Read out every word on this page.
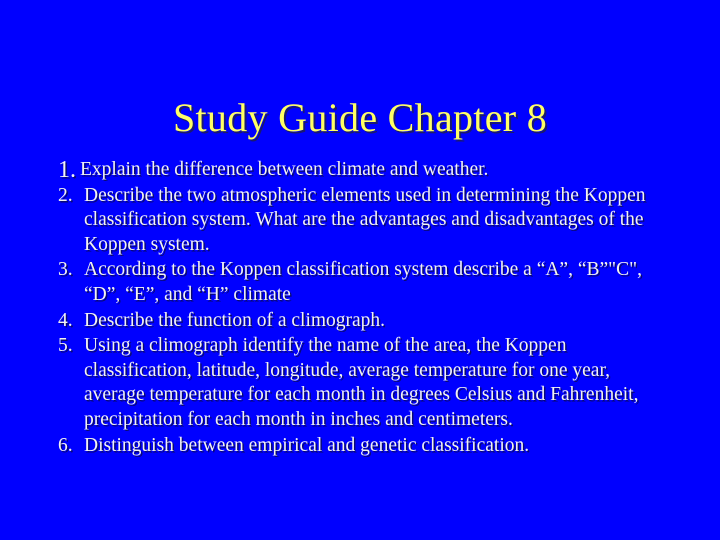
Study Guide Chapter 8
1. Explain the difference between climate and weather.
2. Describe the two atmospheric elements used in determining the Koppen classification system. What are the advantages and disadvantages of the Koppen system.
3. According to the Koppen classification system describe a “A”, “B”"C", “D”, “E”, and “H” climate
4. Describe the function of a climograph.
5. Using a climograph identify the name of the area, the Koppen classification, latitude, longitude, average temperature for one year, average temperature for each month in degrees Celsius and Fahrenheit, precipitation for each month in inches and centimeters.
6. Distinguish between empirical and genetic classification.
